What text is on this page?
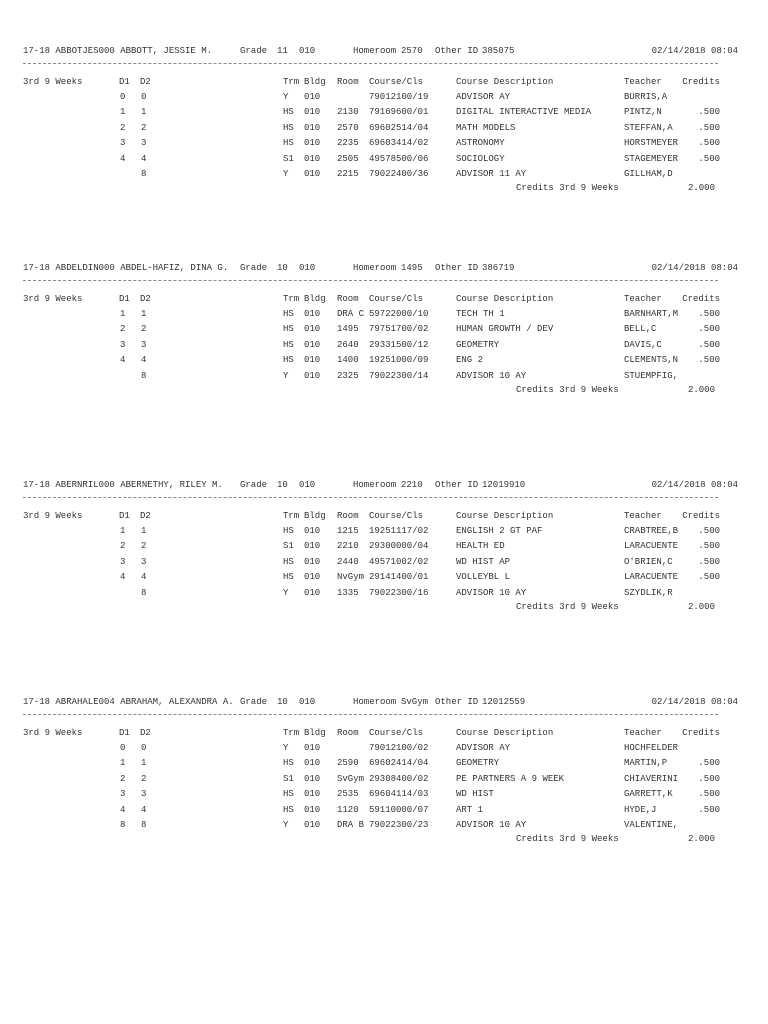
17-18 ABBOTJES000 ABBOTT, JESSIE M.	Grade 11 010	Homeroom 2570 Other ID 385075	02/14/2018 08:04
3rd 9 Weeks	D1 D2	Trm Bldg Room Course/Cls	Course Description	Teacher Credits
0 0	Y 010	79012100/19	ADVISOR AY	BURRIS,A
1 1	HS 010 2130 79169600/01	DIGITAL INTERACTIVE MEDIA	PINTZ,N	.500
2 2	HS 010 2570 69602514/04	MATH MODELS	STEFFAN,A	.500
3 3	HS 010 2235 69603414/02	ASTRONOMY	HORSTMEYER .500
4 4	S1 010 2505 49578500/06	SOCIOLOGY	STAGEMEYER .500
8	Y 010 2215 79022400/36	ADVISOR 11 AY	GILLHAM,D
Credits 3rd 9 Weeks	2.000
17-18 ABDELDIN000 ABDEL-HAFIZ, DINA G. Grade 10 010	Homeroom 1495 Other ID 386719	02/14/2018 08:04
3rd 9 Weeks	D1 D2	Trm Bldg Room Course/Cls	Course Description	Teacher Credits
1 1	HS 010 DRA C 59722000/10	TECH TH 1	BARNHART,M .500
2 2	HS 010 1495 79751700/02	HUMAN GROWTH / DEV	BELL,C	.500
3 3	HS 010 2640 29331500/12	GEOMETRY	DAVIS,C	.500
4 4	HS 010 1400 19251000/09	ENG 2	CLEMENTS,N .500
8	Y 010 2325 79022300/14	ADVISOR 10 AY	STUEMPFIG,
Credits 3rd 9 Weeks	2.000
17-18 ABERNRIL000 ABERNETHY, RILEY M. Grade 10 010	Homeroom 2210 Other ID 12019910	02/14/2018 08:04
3rd 9 Weeks	D1 D2	Trm Bldg Room Course/Cls	Course Description	Teacher Credits
1 1	HS 010 1215 19251117/02	ENGLISH 2 GT PAF	CRABTREE,B .500
2 2	S1 010 2210 29300000/04	HEALTH ED	LARACUENTE .500
3 3	HS 010 2440 49571002/02	WD HIST AP	O'BRIEN,C	.500
4 4	HS 010 NvGym 29141400/01	VOLLEYBL L	LARACUENTE .500
8	Y 010 1335 79022300/16	ADVISOR 10 AY	SZYDLIK,R
Credits 3rd 9 Weeks	2.000
17-18 ABRAHALE004 ABRAHAM, ALEXANDRA A. Grade 10 010	Homeroom SvGym Other ID 12012559	02/14/2018 08:04
3rd 9 Weeks	D1 D2	Trm Bldg Room Course/Cls	Course Description	Teacher Credits
0 0	Y 010	79012100/02	ADVISOR AY	HOCHFELDER
1 1	HS 010 2590 69602414/04	GEOMETRY	MARTIN,P	.500
2 2	S1 010 SvGym 29308400/02	PE PARTNERS A 9 WEEK	CHIAVERINI .500
3 3	HS 010 2535 69604114/03	WD HIST	GARRETT,K	.500
4 4	HS 010 1120 59110000/07	ART 1	HYDE,J	.500
8 8	Y 010 DRA B 79022300/23	ADVISOR 10 AY	VALENTINE,
Credits 3rd 9 Weeks	2.000
